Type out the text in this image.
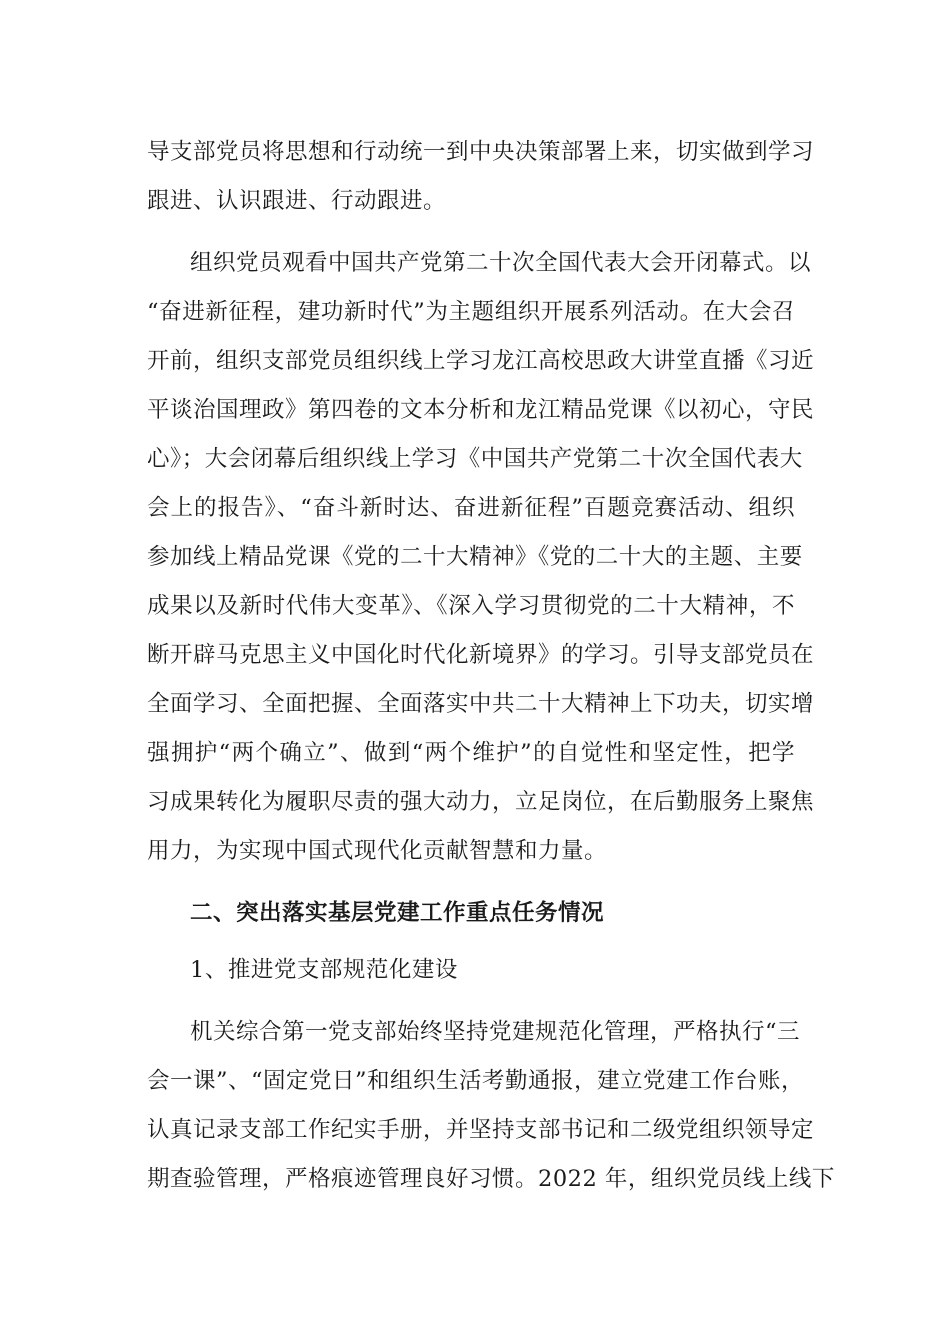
导支部党员将思想和行动统一到中央决策部署上来，切实做到学习
跟进、认识跟进、行动跟进。
组织党员观看中国共产党第二十次全国代表大会开闭幕式。以
“奋进新征程，建功新时代”为主题组织开展系列活动。在大会召
开前，组织支部党员组织线上学习龙江高校思政大讲堂直播《习近
平谈治国理政》第四卷的文本分析和龙江精品党课《以初心，守民
心》；大会闭幕后组织线上学习《中国共产党第二十次全国代表大
会上的报告》、“奋斗新时达、奋进新征程”百题竞赛活动、组织
参加线上精品党课《党的二十大精神》《党的二十大的主题、主要
成果以及新时代伟大变革》、《深入学习贯彻党的二十大精神，不
断开辟马克思主义中国化时代化新境界》的学习。引导支部党员在
全面学习、全面把握、全面落实中共二十大精神上下功夫，切实增
强拥护“两个确立”、做到“两个维护”的自觉性和坚定性，把学
习成果转化为履职尽责的强大动力，立足岗位，在后勤服务上聚焦
用力，为实现中国式现代化贡献智慧和力量。
二、突出落实基层党建工作重点任务情况
1、推进党支部规范化建设
机关综合第一党支部始终坚持党建规范化管理，严格执行“三
会一课”、“固定党日”和组织生活考勤通报，建立党建工作台账，
认真记录支部工作纪实手册，并坚持支部书记和二级党组织领导定
期查验管理，严格痕迹管理良好习惯。2022 年，组织党员线上线下
